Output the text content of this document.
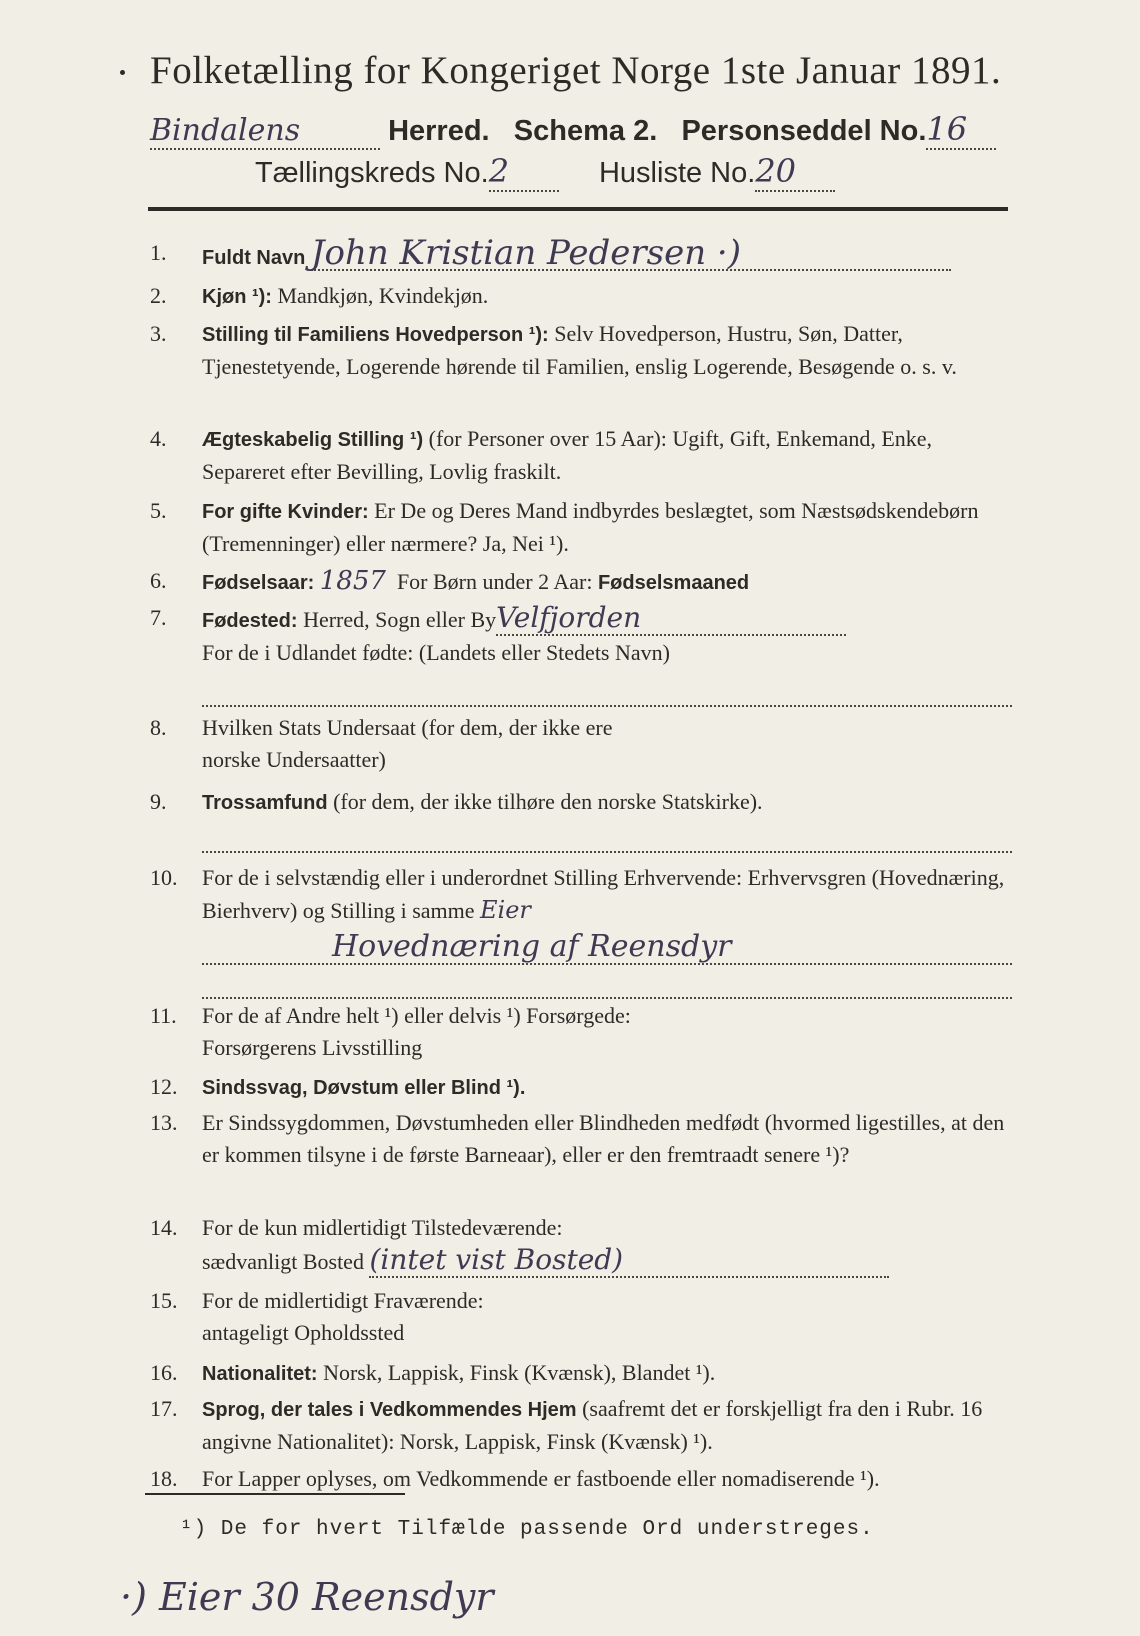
Folketælling for Kongeriget Norge 1ste Januar 1891.
Bindalens	Herred. Schema 2. Personseddel No.16
Tællingskreds No.2	Husliste No.20
1.	Fuldt Navn John Kristian Pedersen ·)
2.	Kjøn ¹): Mandkjøn, Kvindekjøn.
3.	Stilling til Familiens Hovedperson ¹): Selv Hovedperson, Hustru, Søn, Datter, Tjenestetyende, Logerende hørende til Familien, enslig Logerende, Besøgende o. s. v.
4.	Ægteskabelig Stilling ¹) (for Personer over 15 Aar): Ugift, Gift, Enkemand, Enke, Separeret efter Bevilling, Lovlig fraskilt.
5.	For gifte Kvinder: Er De og Deres Mand indbyrdes beslægtet, som Næstsødskendebørn (Tremenninger) eller nærmere? Ja, Nei ¹).
6.	Fødselsaar: 1857 For Børn under 2 Aar: Fødselsmaaned
7.	Fødested: Herred, Sogn eller ByVelfjorden
For de i Udlandet fødte: (Landets eller Stedets Navn)
8.	Hvilken Stats Undersaat (for dem, der ikke ere norske Undersaatter)
9.	Trossamfund (for dem, der ikke tilhøre den norske Statskirke).
10.	For de i selvstændig eller i underordnet Stilling Erhvervende: Erhvervsgren (Hovednæring, Bierhverv) og Stilling i samme Eier
Hovednæring af Reensdyr
11.	For de af Andre helt ¹) eller delvis ¹) Forsørgede:
Forsørgerens Livsstilling
12.	Sindssvag, Døvstum eller Blind ¹).
13.	Er Sindssygdommen, Døvstumheden eller Blindheden medfødt (hvormed ligestilles, at den er kommen tilsyne i de første Barneaar), eller er den fremtraadt senere ¹)?
14.	For de kun midlertidigt Tilstedeværende:
sædvanligt Bosted (intet vist Bosted)
15.	For de midlertidigt Fraværende:
antageligt Opholdssted
16.	Nationalitet: Norsk, Lappisk, Finsk (Kvænsk), Blandet ¹).
17.	Sprog, der tales i Vedkommendes Hjem (saafremt det er forskjelligt fra den i Rubr. 16 angivne Nationalitet): Norsk, Lappisk, Finsk (Kvænsk) ¹).
18.	For Lapper oplyses, om Vedkommende er fastboende eller nomadiserende ¹).
¹) De for hvert Tilfælde passende Ord understreges.
·) Eier 30 Reensdyr
